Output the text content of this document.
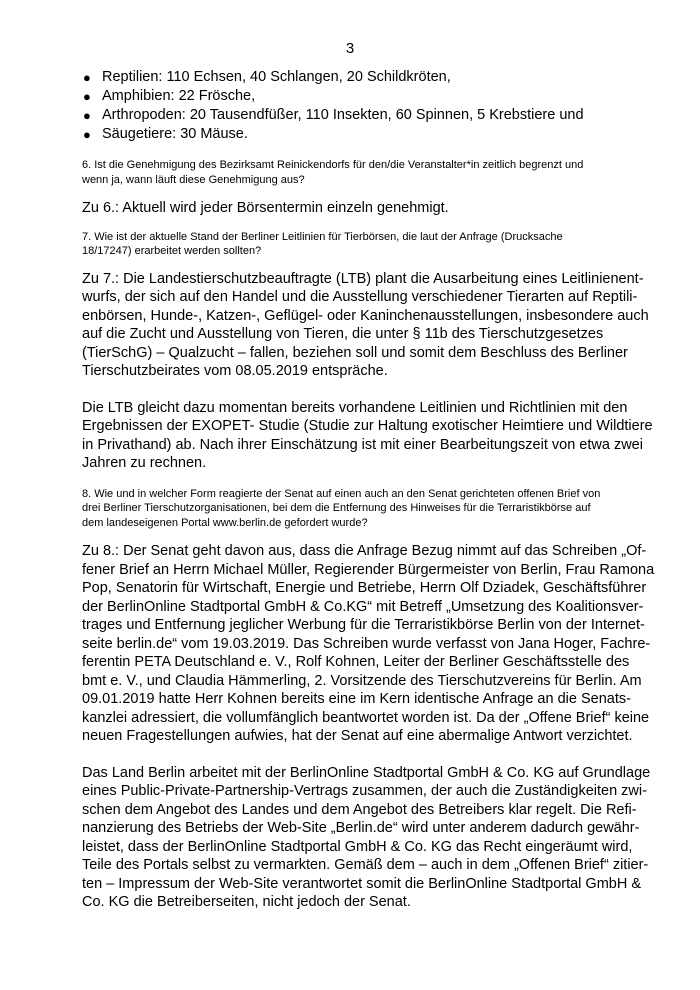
3
● Reptilien: 110 Echsen, 40 Schlangen, 20 Schildkröten,
● Amphibien: 22 Frösche,
● Arthropoden: 20 Tausendfüßer, 110 Insekten, 60 Spinnen, 5 Krebstiere und
● Säugetiere: 30 Mäuse.

6. Ist die Genehmigung des Bezirksamt Reinickendorfs für den/die Veranstalter*in zeitlich begrenzt und
wenn ja, wann läuft diese Genehmigung aus?

Zu 6.: Aktuell wird jeder Börsentermin einzeln genehmigt.

7. Wie ist der aktuelle Stand der Berliner Leitlinien für Tierbörsen, die laut der Anfrage (Drucksache
18/17247) erarbeitet werden sollten?

Zu 7.: Die Landestierschutzbeauftragte (LTB) plant die Ausarbeitung eines Leitlinienent-
wurfs, der sich auf den Handel und die Ausstellung verschiedener Tierarten auf Reptili-
enbörsen, Hunde-, Katzen-, Geflügel- oder Kaninchenausstellungen, insbesondere auch
auf die Zucht und Ausstellung von Tieren, die unter § 11b des Tierschutzgesetzes
(TierSchG) – Qualzucht – fallen, beziehen soll und somit dem Beschluss des Berliner
Tierschutzbeirates vom 08.05.2019 entspräche.

Die LTB gleicht dazu momentan bereits vorhandene Leitlinien und Richtlinien mit den
Ergebnissen der EXOPET- Studie (Studie zur Haltung exotischer Heimtiere und Wildtiere
in Privathand) ab. Nach ihrer Einschätzung ist mit einer Bearbeitungszeit von etwa zwei
Jahren zu rechnen.

8. Wie und in welcher Form reagierte der Senat auf einen auch an den Senat gerichteten offenen Brief von
drei Berliner Tierschutzorganisationen, bei dem die Entfernung des Hinweises für die Terraristikbörse auf
dem landeseigenen Portal www.berlin.de gefordert wurde?

Zu 8.: Der Senat geht davon aus, dass die Anfrage Bezug nimmt auf das Schreiben „Of-
fener Brief an Herrn Michael Müller, Regierender Bürgermeister von Berlin, Frau Ramona
Pop, Senatorin für Wirtschaft, Energie und Betriebe, Herrn Olf Dziadek, Geschäftsführer
der BerlinOnline Stadtportal GmbH & Co.KG“ mit Betreff „Umsetzung des Koalitionsver-
trages und Entfernung jeglicher Werbung für die Terraristikbörse Berlin von der Internet-
seite berlin.de“ vom 19.03.2019. Das Schreiben wurde verfasst von Jana Hoger, Fachre-
ferentin PETA Deutschland e. V., Rolf Kohnen, Leiter der Berliner Geschäftsstelle des
bmt e. V., und Claudia Hämmerling, 2. Vorsitzende des Tierschutzvereins für Berlin. Am
09.01.2019 hatte Herr Kohnen bereits eine im Kern identische Anfrage an die Senats-
kanzlei adressiert, die vollumfänglich beantwortet worden ist. Da der „Offene Brief“ keine
neuen Fragestellungen aufwies, hat der Senat auf eine abermalige Antwort verzichtet.

Das Land Berlin arbeitet mit der BerlinOnline Stadtportal GmbH & Co. KG auf Grundlage
eines Public-Private-Partnership-Vertrags zusammen, der auch die Zuständigkeiten zwi-
schen dem Angebot des Landes und dem Angebot des Betreibers klar regelt. Die Refi-
nanzierung des Betriebs der Web-Site „Berlin.de“ wird unter anderem dadurch gewähr-
leistet, dass der BerlinOnline Stadtportal GmbH & Co. KG das Recht eingeräumt wird,
Teile des Portals selbst zu vermarkten. Gemäß dem – auch in dem „Offenen Brief“ zitier-
ten – Impressum der Web-Site verantwortet somit die BerlinOnline Stadtportal GmbH &
Co. KG die Betreiberseiten, nicht jedoch der Senat.
